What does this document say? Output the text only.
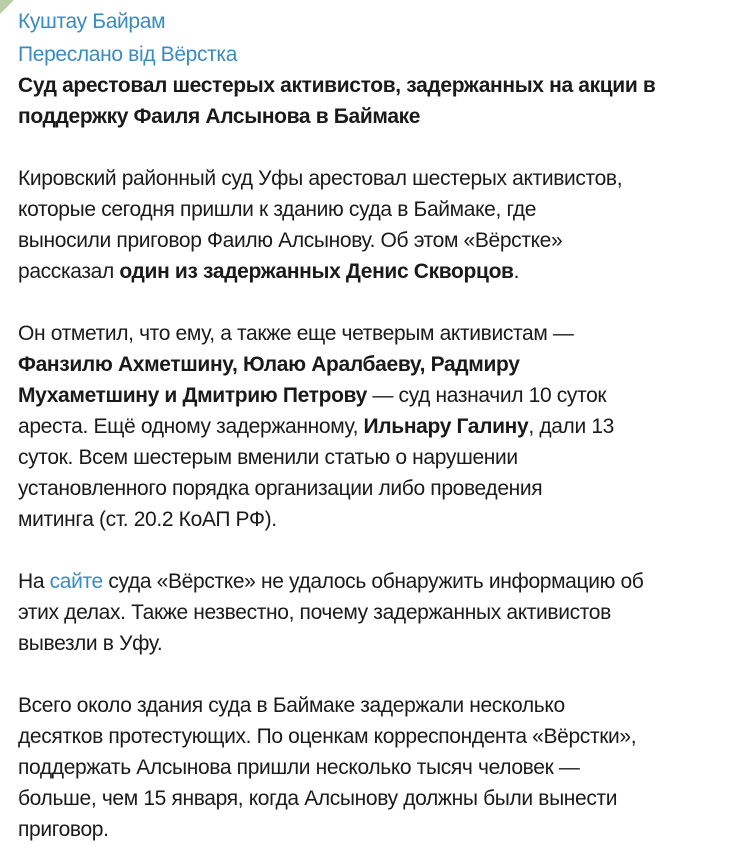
Куштау Байрам
Переслано від Вёрстка
Суд арестовал шестерых активистов, задержанных на акции в
поддержку Фаиля Алсынова в Баймаке
Кировский районный суд Уфы арестовал шестерых активистов,
которые сегодня пришли к зданию суда в Баймаке, где
выносили приговор Фаилю Алсынову. Об этом «Вёрстке»
рассказал один из задержанных Денис Скворцов.
Он отметил, что ему, а также еще четверым активистам —
Фанзилю Ахметшину, Юлаю Аралбаеву, Радмиру
Мухаметшину и Дмитрию Петрову — суд назначил 10 суток
ареста. Ещё одному задержанному, Ильнару Галину, дали 13
суток. Всем шестерым вменили статью о нарушении
установленного порядка организации либо проведения
митинга (ст. 20.2 КоАП РФ).
На сайте суда «Вёрстке» не удалось обнаружить информацию об
этих делах. Также незвестно, почему задержанных активистов
вывезли в Уфу.
Всего около здания суда в Баймаке задержали несколько
десятков протестующих. По оценкам корреспондента «Вёрстки»,
поддержать Алсынова пришли несколько тысяч человек —
больше, чем 15 января, когда Алсынову должны были вынести
приговор.
